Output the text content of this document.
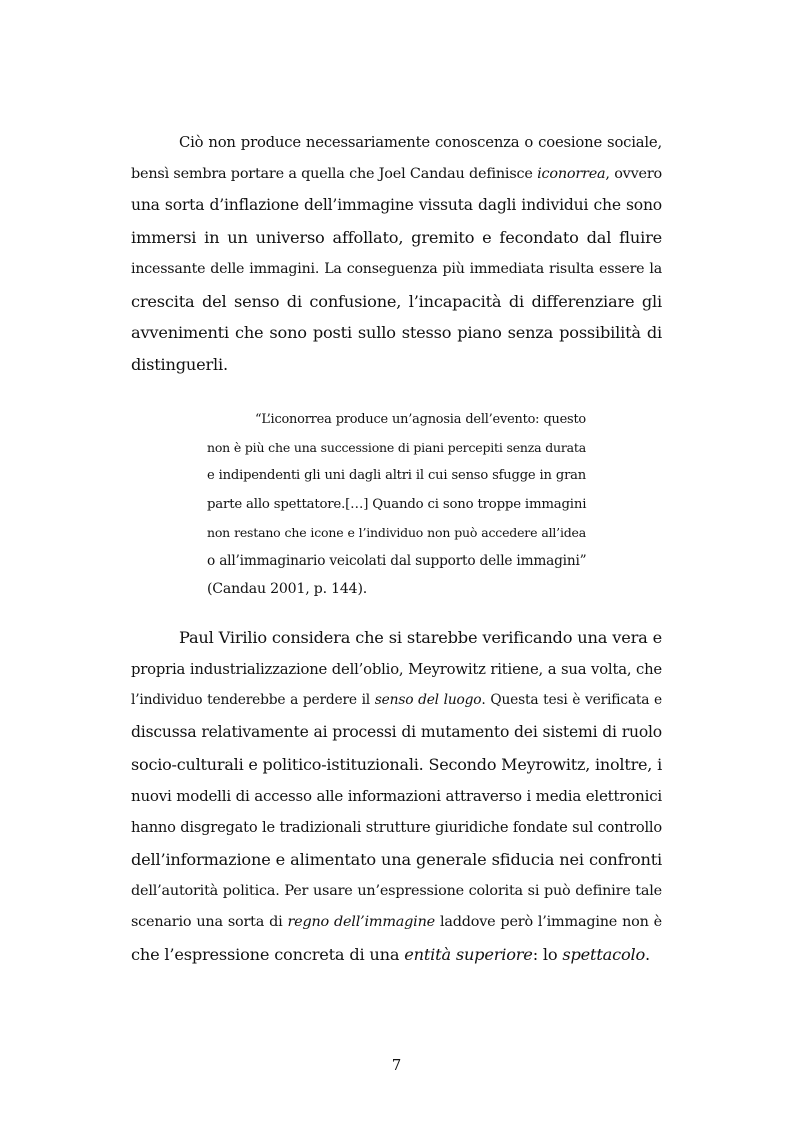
Ciò non produce necessariamente conoscenza o coesione sociale,
bensì sembra portare a quella che Joel Candau definisce iconorrea, ovvero
una sorta d’inflazione dell’immagine vissuta dagli individui che sono
immersi in un universo affollato, gremito e fecondato dal fluire
incessante delle immagini. La conseguenza più immediata risulta essere la
crescita del senso di confusione, l’incapacità di differenziare gli
avvenimenti che sono posti sullo stesso piano senza possibilità di
distinguerli.
“L’iconorrea produce un’agnosia dell’evento: questo
non è più che una successione di piani percepiti senza durata
e indipendenti gli uni dagli altri il cui senso sfugge in gran
parte allo spettatore.[…] Quando ci sono troppe immagini
non restano che icone e l’individuo non può accedere all’idea
o all’immaginario veicolati dal supporto delle immagini”
(Candau 2001, p. 144).
Paul Virilio considera che si starebbe verificando una vera e
propria industrializzazione dell’oblio, Meyrowitz ritiene, a sua volta, che
l’individuo tenderebbe a perdere il senso del luogo. Questa tesi è verificata e
discussa relativamente ai processi di mutamento dei sistemi di ruolo
socio-culturali e politico-istituzionali. Secondo Meyrowitz, inoltre, i
nuovi modelli di accesso alle informazioni attraverso i media elettronici
hanno disgregato le tradizionali strutture giuridiche fondate sul controllo
dell’informazione e alimentato una generale sfiducia nei confronti
dell’autorità politica. Per usare un’espressione colorita si può definire tale
scenario una sorta di regno dell’immagine laddove però l’immagine non è
che l’espressione concreta di una entità superiore: lo spettacolo.
7
